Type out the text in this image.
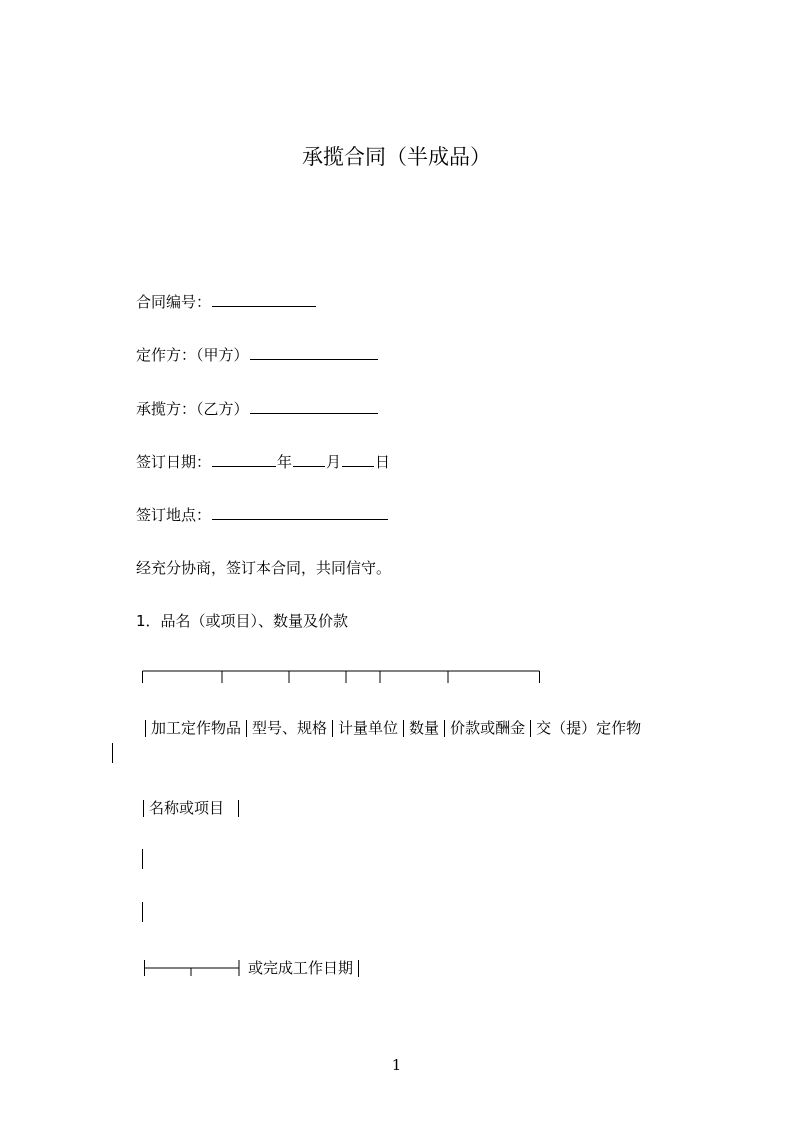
承揽合同（半成品）
合同编号：
定作方：（甲方）
承揽方：（乙方）
签订日期：	年 月 日
签订地点：
经充分协商，签订本合同，共同信守。
1．品名（或项目）、数量及价款
加工定作物品 型号、规格 计量单位 数量 价款或酬金 交（提）定作物
名称或项目
或完成工作日期
1
